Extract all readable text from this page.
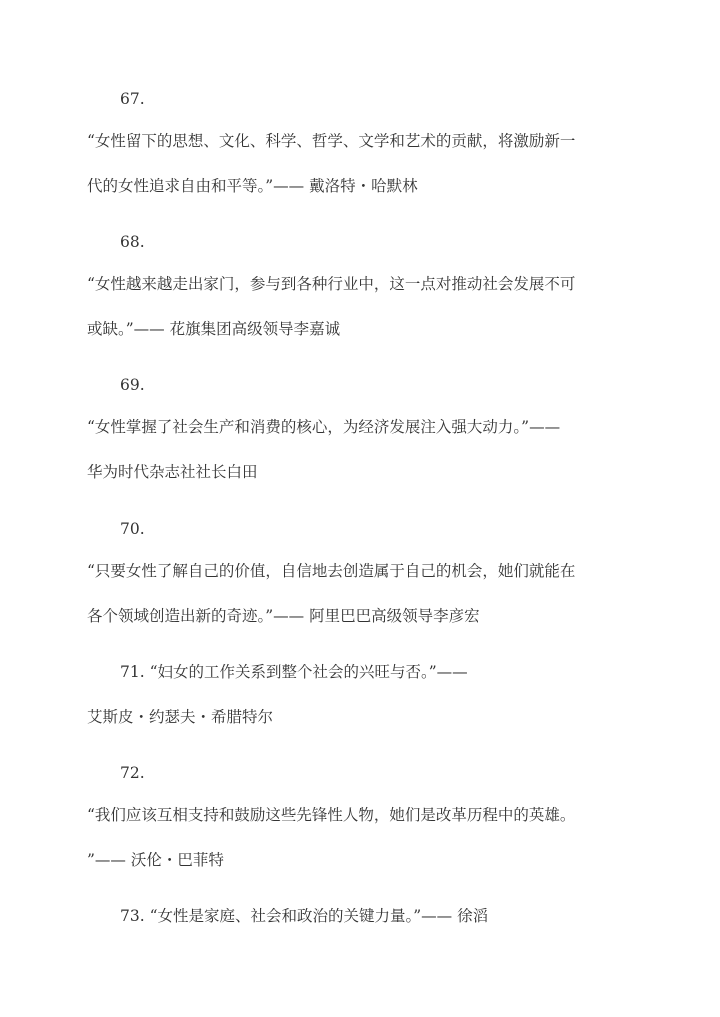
67.
“女性留下的思想、文化、科学、哲学、文学和艺术的贡献，将激励新一
代的女性追求自由和平等。”—— 戴洛特・哈默林
68.
“女性越来越走出家门，参与到各种行业中，这一点对推动社会发展不可
或缺。”—— 花旗集团高级领导李嘉诚
69.
“女性掌握了社会生产和消费的核心，为经济发展注入强大动力。”——
华为时代杂志社社长白田
70.
“只要女性了解自己的价值，自信地去创造属于自己的机会，她们就能在
各个领域创造出新的奇迹。”—— 阿里巴巴高级领导李彦宏
71. “妇女的工作关系到整个社会的兴旺与否。”——
艾斯皮・约瑟夫・希腊特尔
72.
“我们应该互相支持和鼓励这些先锋性人物，她们是改革历程中的英雄。
”—— 沃伦・巴菲特
73. “女性是家庭、社会和政治的关键力量。”—— 徐滔
